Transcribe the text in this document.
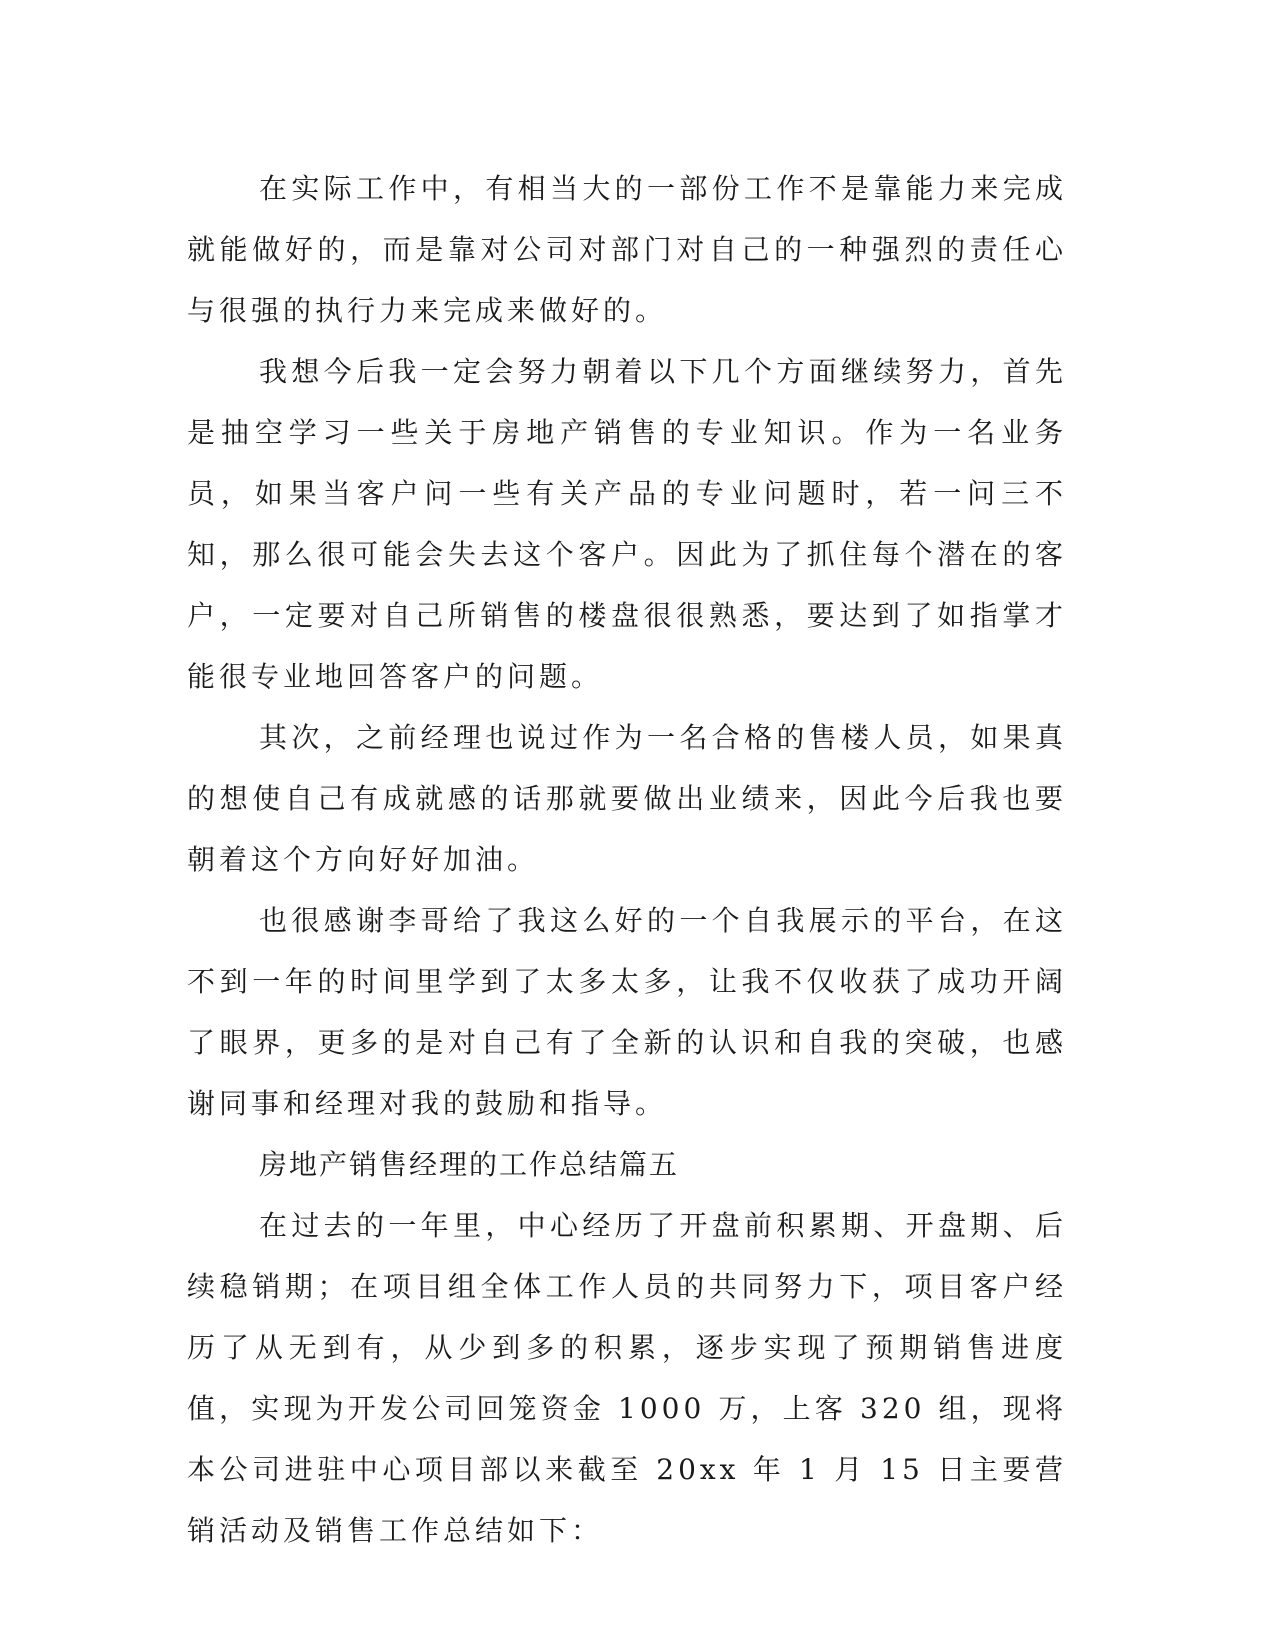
在实际工作中，有相当大的一部份工作不是靠能力来完成就能做好的，而是靠对公司对部门对自己的一种强烈的责任心与很强的执行力来完成来做好的。

我想今后我一定会努力朝着以下几个方面继续努力，首先是抽空学习一些关于房地产销售的专业知识。作为一名业务员，如果当客户问一些有关产品的专业问题时，若一问三不知，那么很可能会失去这个客户。因此为了抓住每个潜在的客户，一定要对自己所销售的楼盘很很熟悉，要达到了如指掌才能很专业地回答客户的问题。

其次，之前经理也说过作为一名合格的售楼人员，如果真的想使自己有成就感的话那就要做出业绩来，因此今后我也要朝着这个方向好好加油。

也很感谢李哥给了我这么好的一个自我展示的平台，在这不到一年的时间里学到了太多太多，让我不仅收获了成功开阔了眼界，更多的是对自己有了全新的认识和自我的突破，也感谢同事和经理对我的鼓励和指导。

房地产销售经理的工作总结篇五

在过去的一年里，中心经历了开盘前积累期、开盘期、后续稳销期；在项目组全体工作人员的共同努力下，项目客户经历了从无到有，从少到多的积累，逐步实现了预期销售进度值，实现为开发公司回笼资金 1000 万，上客 320 组，现将本公司进驻中心项目部以来截至 20xx 年 1 月 15 日主要营销活动及销售工作总结如下：
